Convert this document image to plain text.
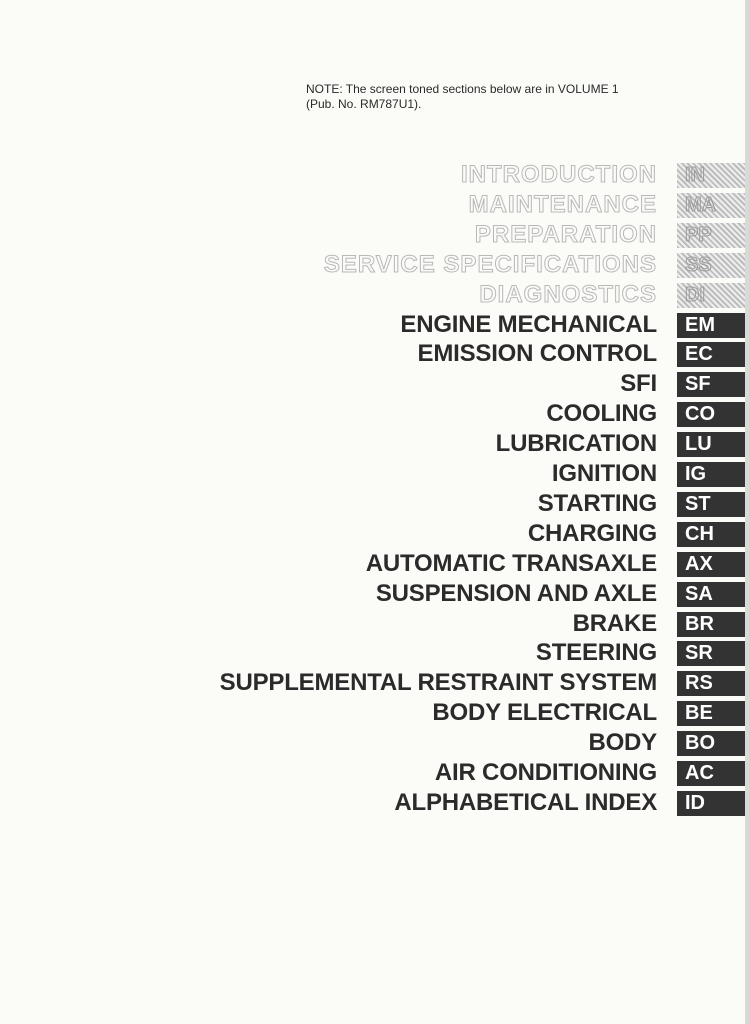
NOTE: The screen toned sections below are in VOLUME 1
(Pub. No. RM787U1).
INTRODUCTION	IN
MAINTENANCE	MA
PREPARATION	PP
SERVICE SPECIFICATIONS	SS
DIAGNOSTICS	DI
ENGINE MECHANICAL	EM
EMISSION CONTROL	EC
SFI	SF
COOLING	CO
LUBRICATION	LU
IGNITION	IG
STARTING	ST
CHARGING	CH
AUTOMATIC TRANSAXLE	AX
SUSPENSION AND AXLE	SA
BRAKE	BR
STEERING	SR
SUPPLEMENTAL RESTRAINT SYSTEM	RS
BODY ELECTRICAL	BE
BODY	BO
AIR CONDITIONING	AC
ALPHABETICAL INDEX	ID
